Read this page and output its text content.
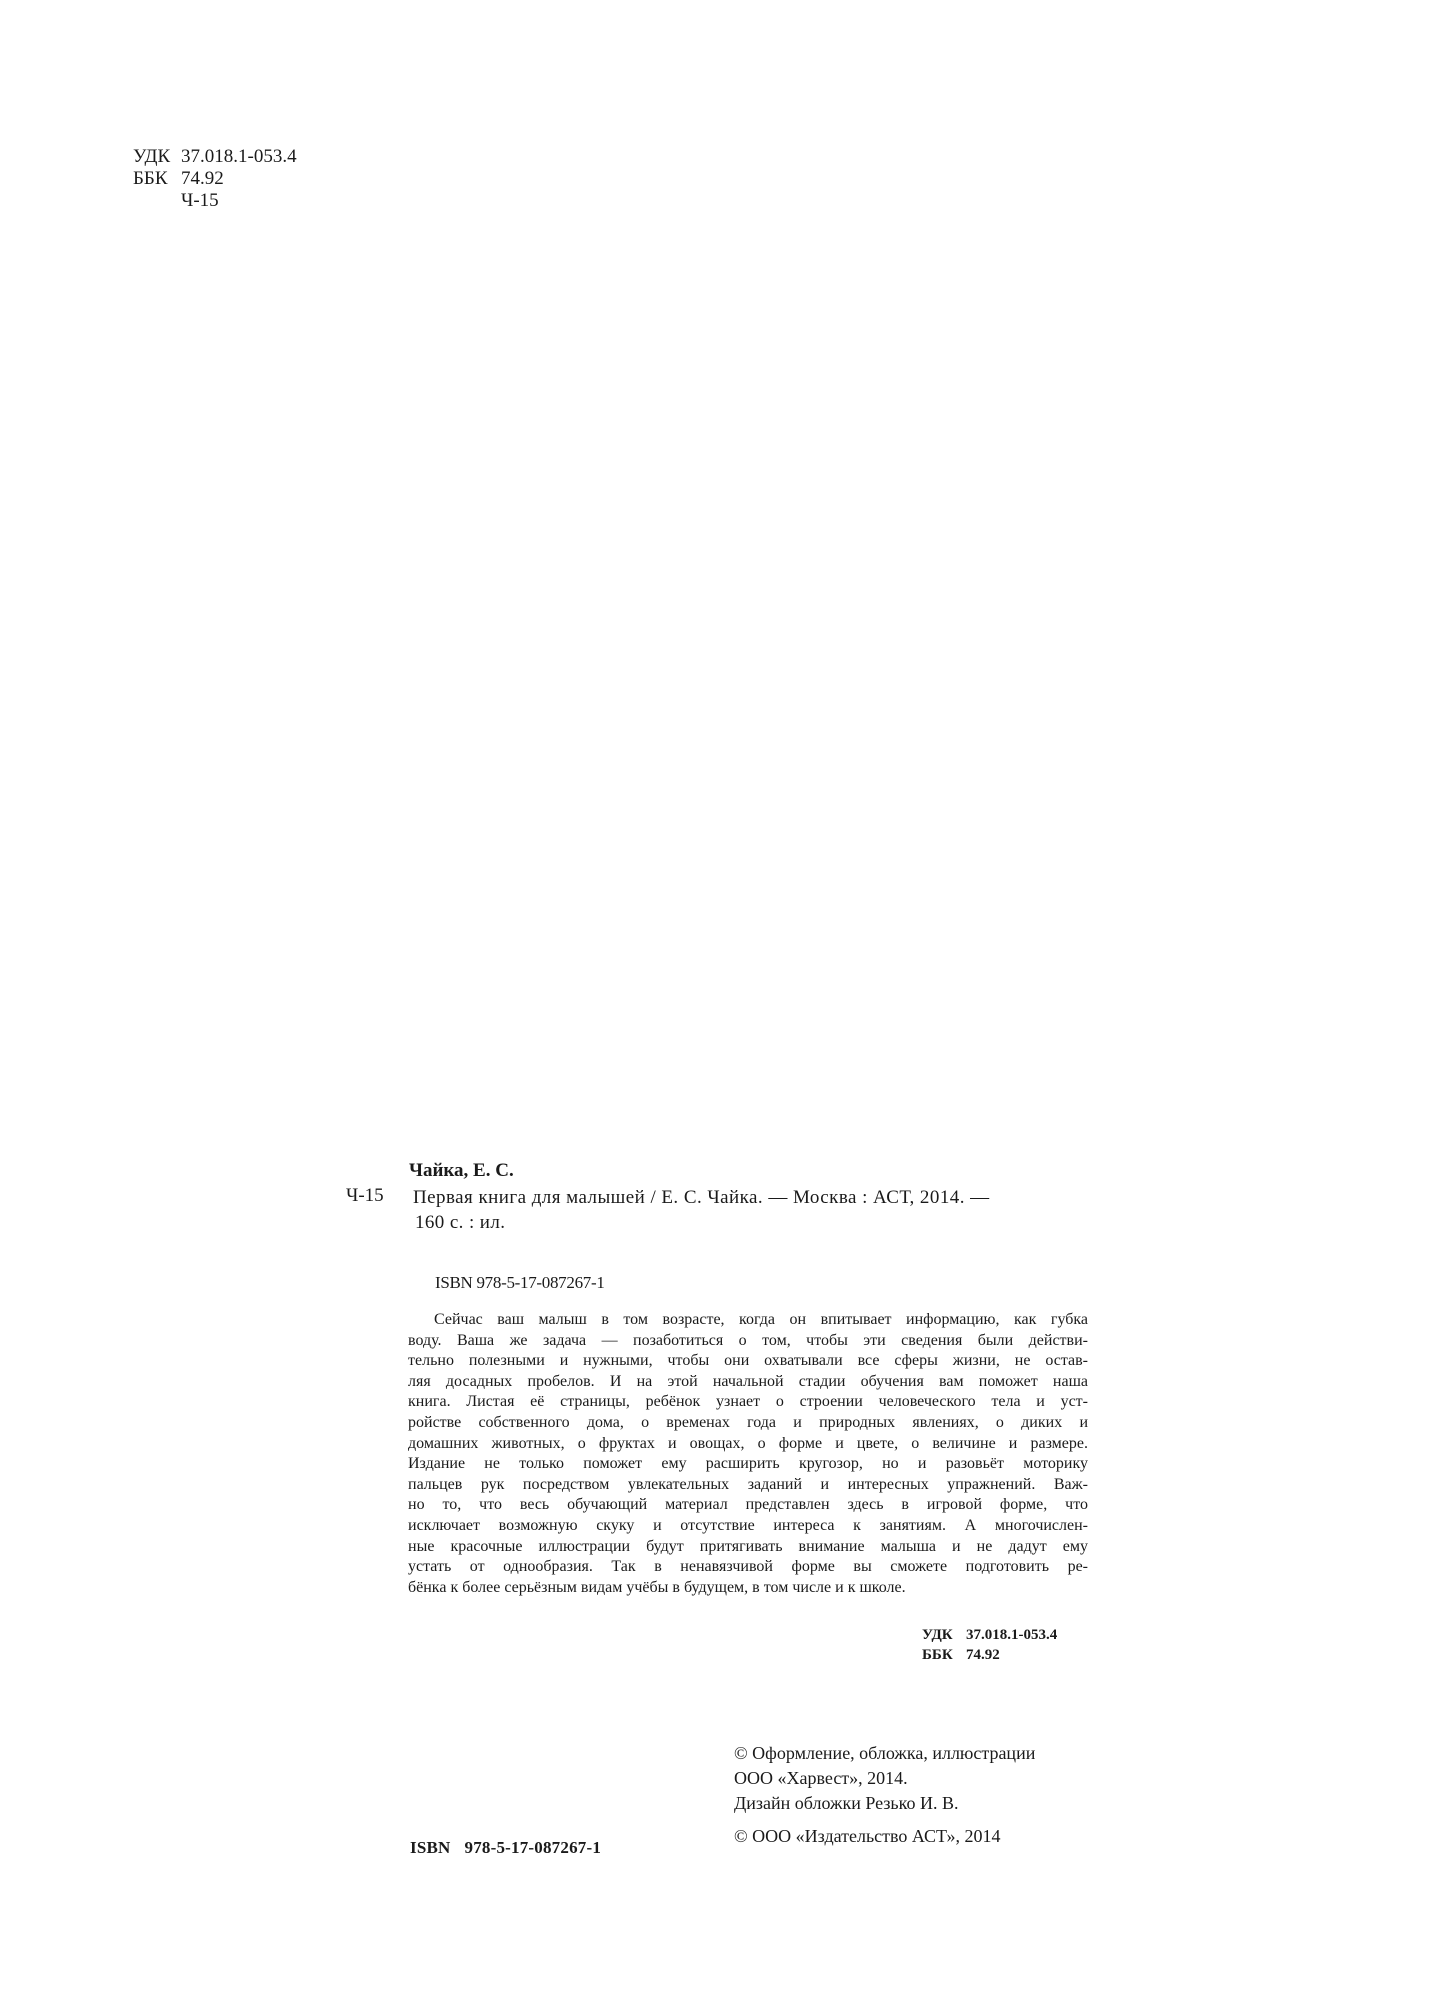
УДК 37.018.1-053.4
ББК 74.92
Ч-15
Чайка, Е. С.
Ч-15 Первая книга для малышей / Е. С. Чайка. — Москва : АСТ, 2014. —
160 с. : ил.
ISBN 978-5-17-087267-1
Сейчас ваш малыш в том возрасте, когда он впитывает информацию, как губка
воду. Ваша же задача — позаботиться о том, чтобы эти сведения были действи-
тельно полезными и нужными, чтобы они охватывали все сферы жизни, не остав-
ляя досадных пробелов. И на этой начальной стадии обучения вам поможет наша
книга. Листая её страницы, ребёнок узнает о строении человеческого тела и уст-
ройстве собственного дома, о временах года и природных явлениях, о диких и
домашних животных, о фруктах и овощах, о форме и цвете, о величине и размере.
Издание не только поможет ему расширить кругозор, но и разовьёт моторику
пальцев рук посредством увлекательных заданий и интересных упражнений. Важ-
но то, что весь обучающий материал представлен здесь в игровой форме, что
исключает возможную скуку и отсутствие интереса к занятиям. А многочислен-
ные красочные иллюстрации будут притягивать внимание малыша и не дадут ему
устать от однообразия. Так в ненавязчивой форме вы сможете подготовить ре-
бёнка к более серьёзным видам учёбы в будущем, в том числе и к школе.
УДК 37.018.1-053.4
ББК 74.92
ISBN 978-5-17-087267-1
© Оформление, обложка, иллюстрации
ООО «Харвест», 2014.
Дизайн обложки Резько И. В.
© ООО «Издательство АСТ», 2014
